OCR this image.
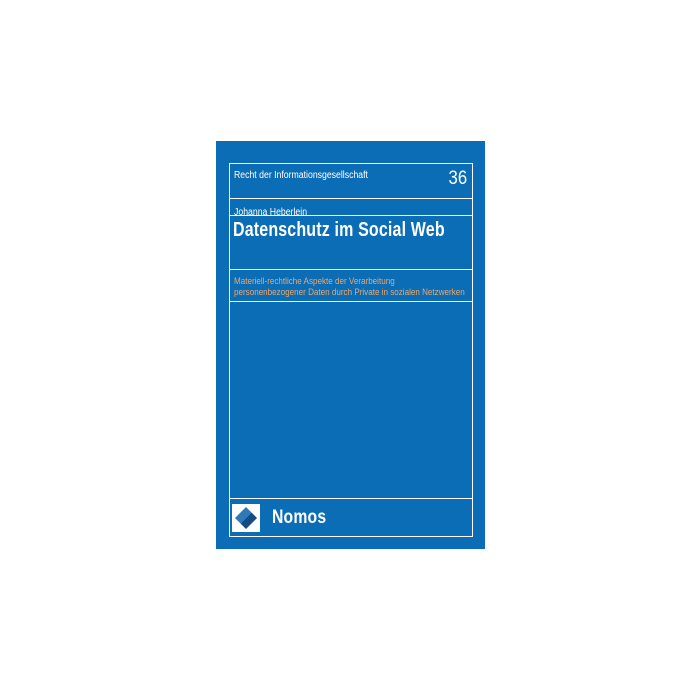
Recht der Informationsgesellschaft	36
Johanna Heberlein
Datenschutz im Social Web
Materiell-rechtliche Aspekte der Verarbeitung
personenbezogener Daten durch Private in sozialen Netzwerken
Nomos
